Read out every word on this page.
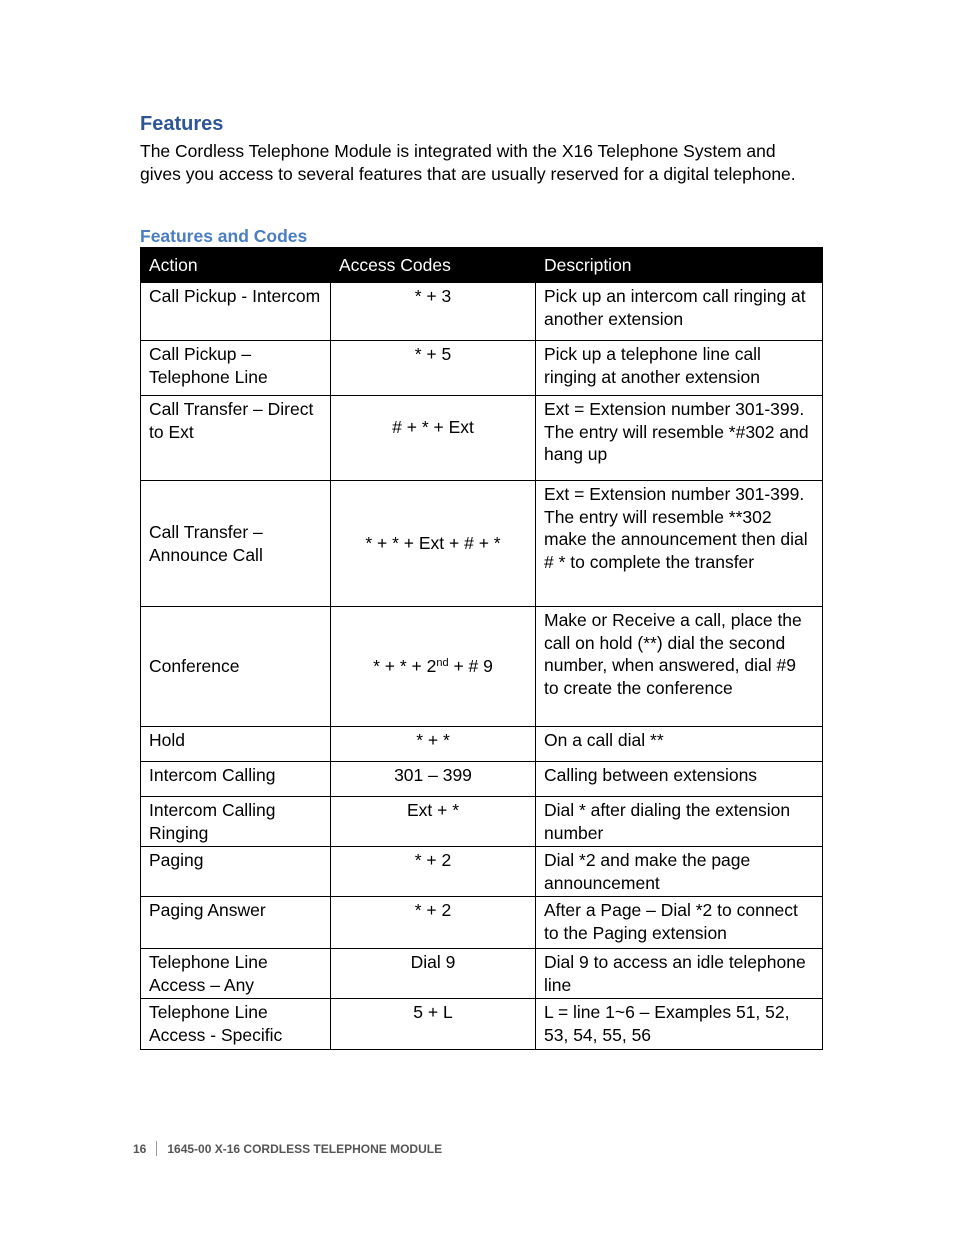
Features
The Cordless Telephone Module is integrated with the X16 Telephone System and gives you access to several features that are usually reserved for a digital telephone.
Features and Codes
Action	Access Codes	Description
Call Pickup - Intercom	* + 3	Pick up an intercom call ringing at another extension
Call Pickup – Telephone Line	* + 5	Pick up a telephone line call ringing at another extension
Call Transfer – Direct to Ext	# + * + Ext	Ext = Extension number 301-399. The entry will resemble *#302 and hang up
Call Transfer – Announce Call	* + * + Ext + # + *	Ext = Extension number 301-399. The entry will resemble **302 make the announcement then dial # * to complete the transfer
Conference	* + * + 2nd + # 9	Make or Receive a call, place the call on hold (**) dial the second number, when answered, dial #9 to create the conference
Hold	* + *	On a call dial **
Intercom Calling	301 – 399	Calling between extensions
Intercom Calling Ringing	Ext + *	Dial * after dialing the extension number
Paging	* + 2	Dial *2 and make the page announcement
Paging Answer	* + 2	After a Page – Dial *2 to connect to the Paging extension
Telephone Line Access – Any	Dial 9	Dial 9 to access an idle telephone line
Telephone Line Access - Specific	5 + L	L = line 1~6 – Examples 51, 52, 53, 54, 55, 56
16 1645-00 X-16 CORDLESS TELEPHONE MODULE
